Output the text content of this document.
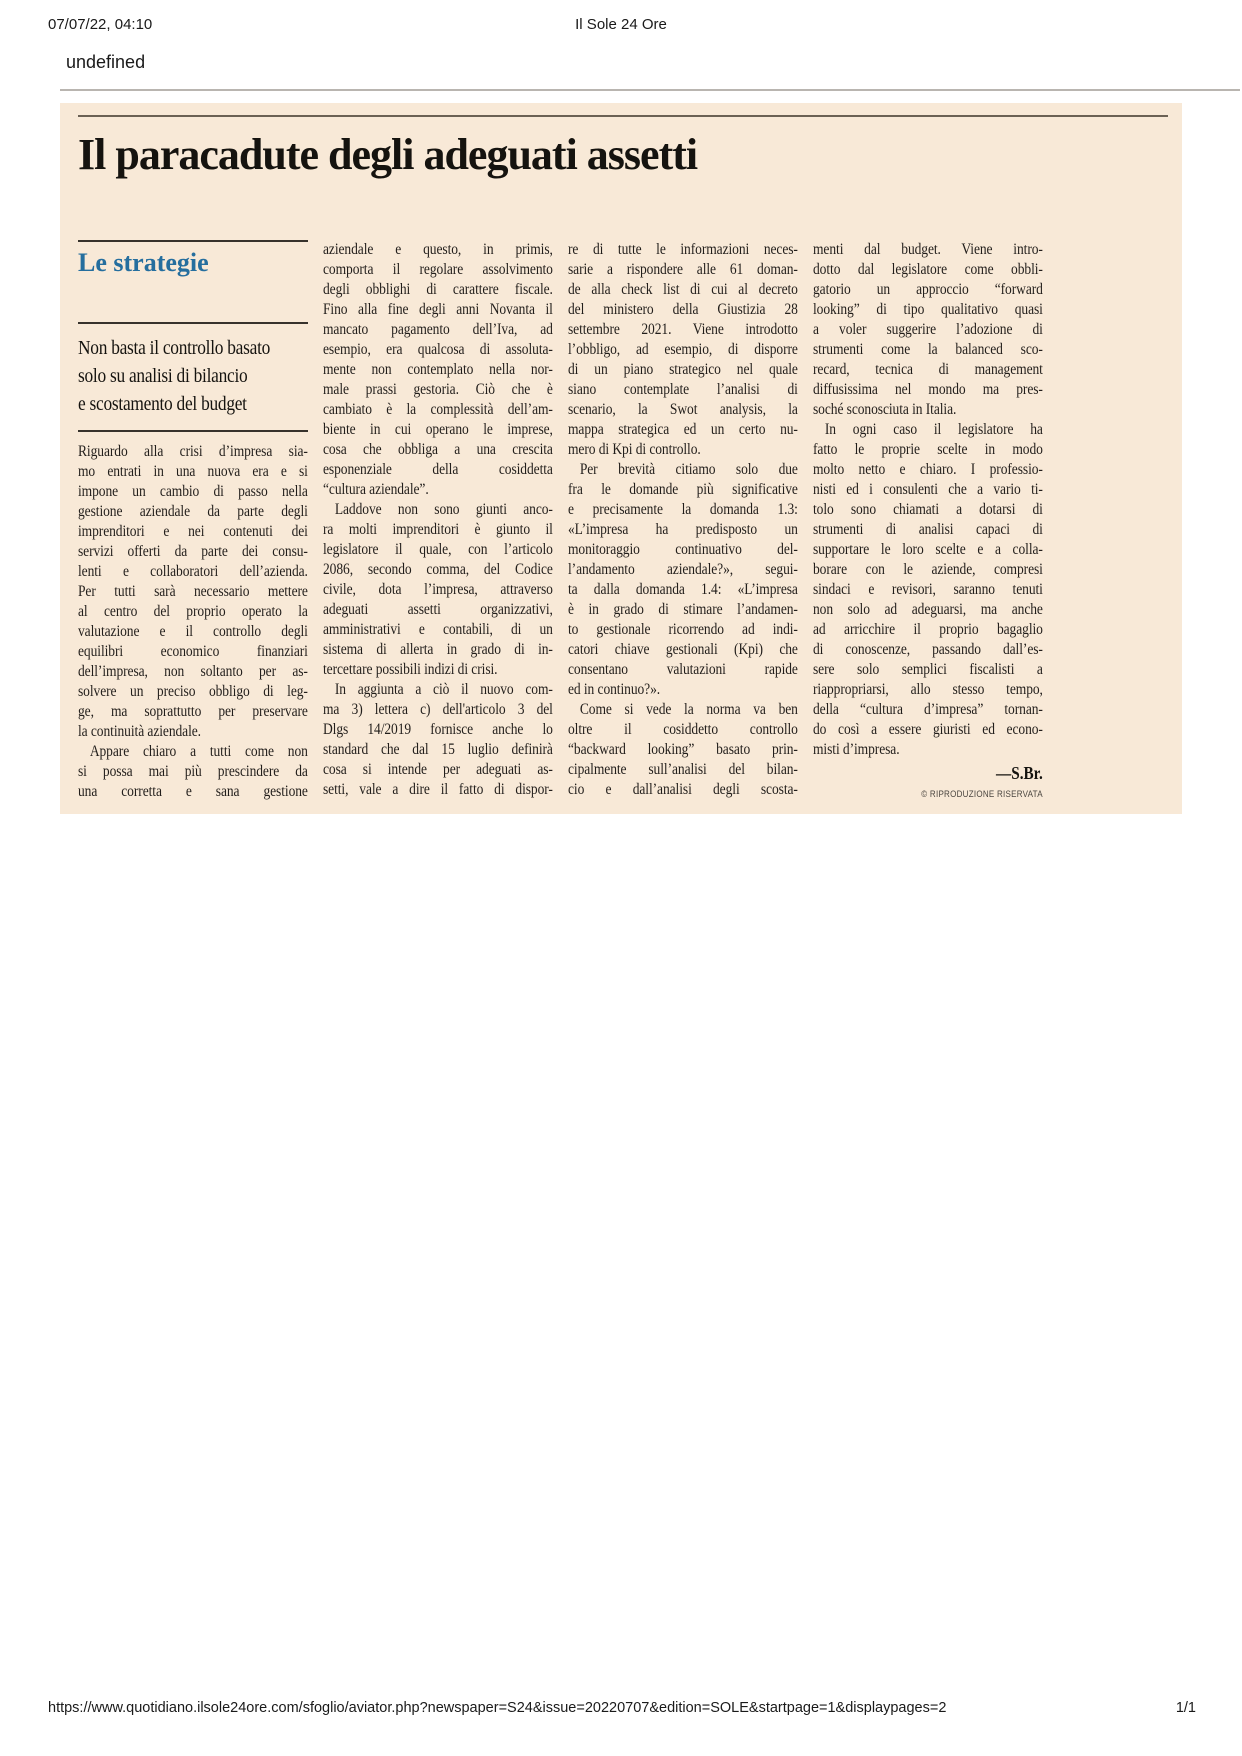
07/07/22, 04:10	Il Sole 24 Ore
undefined
Il paracadute degli adeguati assetti
Le strategie
Non basta il controllo basato
solo su analisi di bilancio
e scostamento del budget
Riguardo alla crisi d’impresa sia-
mo entrati in una nuova era e si
impone un cambio di passo nella
gestione aziendale da parte degli
imprenditori e nei contenuti dei
servizi offerti da parte dei consu-
lenti e collaboratori dell’azienda.
Per tutti sarà necessario mettere
al centro del proprio operato la
valutazione e il controllo degli
equilibri economico finanziari
dell’impresa, non soltanto per as-
solvere un preciso obbligo di leg-
ge, ma soprattutto per preservare
la continuità aziendale.
Appare chiaro a tutti come non
si possa mai più prescindere da
una corretta e sana gestione
aziendale e questo, in primis,
comporta il regolare assolvimento
degli obblighi di carattere fiscale.
Fino alla fine degli anni Novanta il
mancato pagamento dell’Iva, ad
esempio, era qualcosa di assoluta-
mente non contemplato nella nor-
male prassi gestoria. Ciò che è
cambiato è la complessità dell’am-
biente in cui operano le imprese,
cosa che obbliga a una crescita
esponenziale della cosiddetta
“cultura aziendale”.
Laddove non sono giunti anco-
ra molti imprenditori è giunto il
legislatore il quale, con l’articolo
2086, secondo comma, del Codice
civile, dota l’impresa, attraverso
adeguati assetti organizzativi,
amministrativi e contabili, di un
sistema di allerta in grado di in-
tercettare possibili indizi di crisi.
In aggiunta a ciò il nuovo com-
ma 3) lettera c) dell'articolo 3 del
Dlgs 14/2019 fornisce anche lo
standard che dal 15 luglio definirà
cosa si intende per adeguati as-
setti, vale a dire il fatto di dispor-
re di tutte le informazioni neces-
sarie a rispondere alle 61 doman-
de alla check list di cui al decreto
del ministero della Giustizia 28
settembre 2021. Viene introdotto
l’obbligo, ad esempio, di disporre
di un piano strategico nel quale
siano contemplate l’analisi di
scenario, la Swot analysis, la
mappa strategica ed un certo nu-
mero di Kpi di controllo.
Per brevità citiamo solo due
fra le domande più significative
e precisamente la domanda 1.3:
«L’impresa ha predisposto un
monitoraggio continuativo del-
l’andamento aziendale?», segui-
ta dalla domanda 1.4: «L’impresa
è in grado di stimare l’andamen-
to gestionale ricorrendo ad indi-
catori chiave gestionali (Kpi) che
consentano valutazioni rapide
ed in continuo?».
Come si vede la norma va ben
oltre il cosiddetto controllo
“backward looking” basato prin-
cipalmente sull’analisi del bilan-
cio e dall’analisi degli scosta-
menti dal budget. Viene intro-
dotto dal legislatore come obbli-
gatorio un approccio “forward
looking” di tipo qualitativo quasi
a voler suggerire l’adozione di
strumenti come la balanced sco-
recard, tecnica di management
diffusissima nel mondo ma pres-
soché sconosciuta in Italia.
In ogni caso il legislatore ha
fatto le proprie scelte in modo
molto netto e chiaro. I professio-
nisti ed i consulenti che a vario ti-
tolo sono chiamati a dotarsi di
strumenti di analisi capaci di
supportare le loro scelte e a colla-
borare con le aziende, compresi
sindaci e revisori, saranno tenuti
non solo ad adeguarsi, ma anche
ad arricchire il proprio bagaglio
di conoscenze, passando dall’es-
sere solo semplici fiscalisti a
riappropriarsi, allo stesso tempo,
della “cultura d’impresa” tornan-
do così a essere giuristi ed econo-
misti d’impresa.
—S.Br.
© RIPRODUZIONE RISERVATA
https://www.quotidiano.ilsole24ore.com/sfoglio/aviator.php?newspaper=S24&issue=20220707&edition=SOLE&startpage=1&displaypages=2	1/1
